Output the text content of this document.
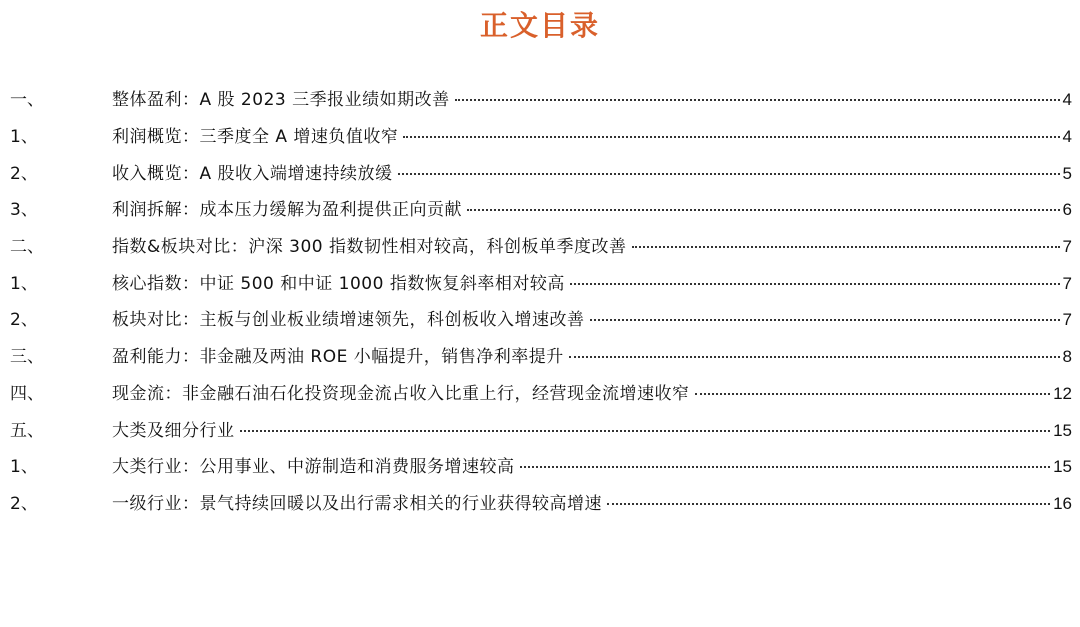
正文目录
一、	整体盈利：A 股 2023 三季报业绩如期改善	4
1、	利润概览：三季度全 A 增速负值收窄	4
2、	收入概览：A 股收入端增速持续放缓	5
3、	利润拆解：成本压力缓解为盈利提供正向贡献	6
二、	指数&板块对比：沪深 300 指数韧性相对较高，科创板单季度改善	7
1、	核心指数：中证 500 和中证 1000 指数恢复斜率相对较高	7
2、	板块对比：主板与创业板业绩增速领先，科创板收入增速改善	7
三、	盈利能力：非金融及两油 ROE 小幅提升，销售净利率提升	8
四、	现金流：非金融石油石化投资现金流占收入比重上行，经营现金流增速收窄	12
五、	大类及细分行业	15
1、	大类行业：公用事业、中游制造和消费服务增速较高	15
2、	一级行业：景气持续回暖以及出行需求相关的行业获得较高增速	16
